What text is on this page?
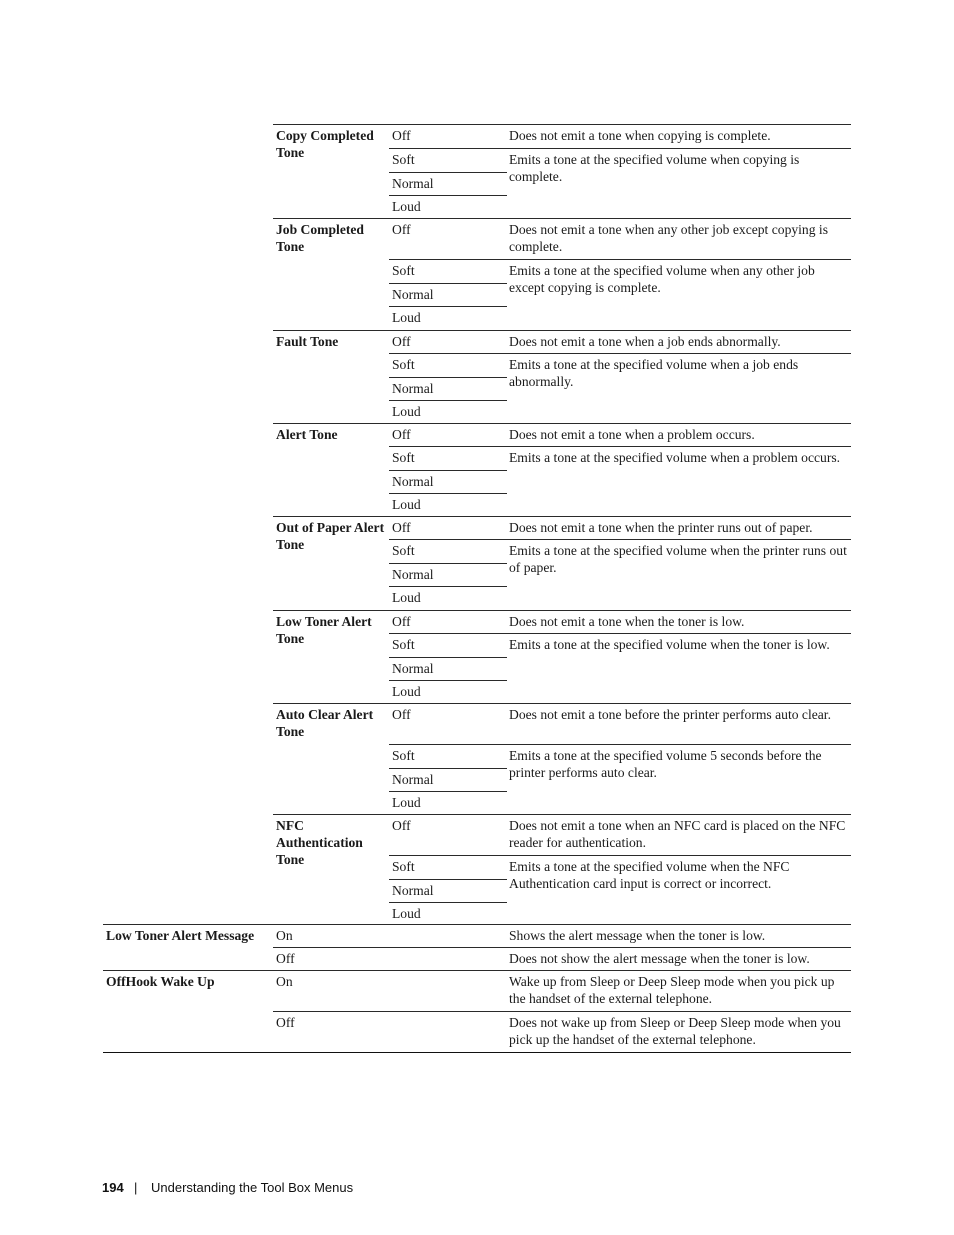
Copy Completed Tone
Off	Does not emit a tone when copying is complete.
Soft	Emits a tone at the specified volume when copying is complete.
Normal
Loud
Job Completed Tone
Off	Does not emit a tone when any other job except copying is complete.
Soft	Emits a tone at the specified volume when any other job except copying is complete.
Normal
Loud
Fault Tone	Off	Does not emit a tone when a job ends abnormally.
Soft	Emits a tone at the specified volume when a job ends abnormally.
Normal
Loud
Alert Tone	Off	Does not emit a tone when a problem occurs.
Soft	Emits a tone at the specified volume when a problem occurs.
Normal
Loud
Out of Paper Alert Tone
Off	Does not emit a tone when the printer runs out of paper.
Soft	Emits a tone at the specified volume when the printer runs out of paper.
Normal
Loud
Low Toner Alert Tone
Off	Does not emit a tone when the toner is low.
Soft	Emits a tone at the specified volume when the toner is low.
Normal
Loud
Auto Clear Alert Tone
Off	Does not emit a tone before the printer performs auto clear.
Soft	Emits a tone at the specified volume 5 seconds before the printer performs auto clear.
Normal
Loud
NFC Authentication Tone
Off	Does not emit a tone when an NFC card is placed on the NFC reader for authentication.
Soft	Emits a tone at the specified volume when the NFC Authentication card input is correct or incorrect.
Normal
Loud
Low Toner Alert Message	On	Shows the alert message when the toner is low.
Off	Does not show the alert message when the toner is low.
OffHook Wake Up	On	Wake up from Sleep or Deep Sleep mode when you pick up the handset of the external telephone.
Off	Does not wake up from Sleep or Deep Sleep mode when you pick up the handset of the external telephone.
194 | Understanding the Tool Box Menus
